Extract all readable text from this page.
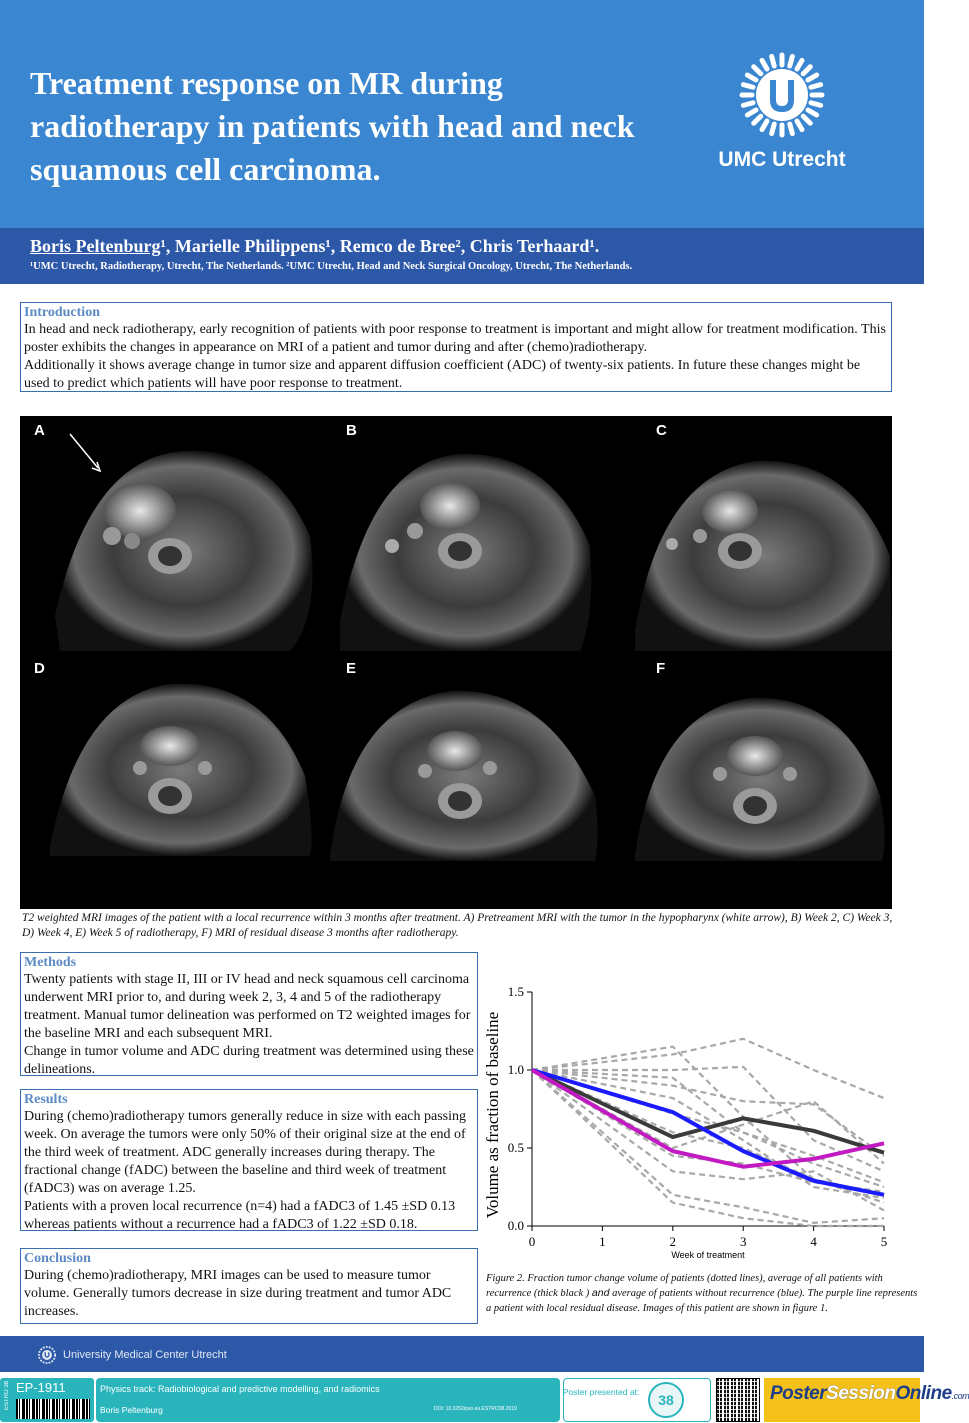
Treatment response on MR during radiotherapy in patients with head and neck squamous cell carcinoma.	UMC Utrecht
Boris Peltenburg¹, Marielle Philippens¹, Remco de Bree², Chris Terhaard¹.
¹UMC Utrecht, Radiotherapy, Utrecht, The Netherlands. ²UMC Utrecht, Head and Neck Surgical Oncology, Utrecht, The Netherlands.
Introduction

In head and neck radiotherapy, early recognition of patients with poor response to treatment is important and might allow for treatment modification. This poster exhibits the changes in appearance on MRI of a patient and tumor during and after (chemo)radiotherapy.

Additionally it shows average change in tumor size and apparent diffusion coefficient (ADC) of twenty-six patients. In future these changes might be used to predict which patients will have poor response to treatment.

A	B	C
D	E	F
T2 weighted MRI images of the patient with a local recurrence within 3 months after treatment. A) Pretreament MRI with the tumor in the hypopharynx (white arrow), B) Week 2, C) Week 3, D) Week 4, E) Week 5 of radiotherapy, F) MRI of residual disease 3 months after radiotherapy.
Methods

Twenty patients with stage II, III or IV head and neck squamous cell carcinoma underwent MRI prior to, and during week 2, 3, 4 and 5 of the radiotherapy treatment. Manual tumor delineation was performed on T2 weighted images for the baseline MRI and each subsequent MRI.

Change in tumor volume and ADC during treatment was determined using these delineations.

Results

During (chemo)radiotherapy tumors generally reduce in size with each passing week. On average the tumors were only 50% of their original size at the end of the third week of treatment. ADC generally increases during therapy. The fractional change (fADC) between the baseline and third week of treatment (fADC3) was on average 1.25.

Patients with a proven local recurrence (n=4) had a fADC3 of 1.45 ±SD 0.13 whereas patients without a recurrence had a fADC3 of 1.22 ±SD 0.18.

Conclusion

During (chemo)radiotherapy, MRI images can be used to measure tumor volume. Generally tumors decrease in size during treatment and tumor ADC increases.

0.0
0.5
1.0
1.5
0	1	2	3	4	5
Week of treatment
Volume as fraction of baseline
Figure 2. Fraction tumor change volume of patients (dotted lines), average of all patients with recurrence (thick black ) and average of patients without recurrence (blue). The purple line represents a patient with local residual disease. Images of this patient are shown in figure 1.
University Medical Center Utrecht
ESTRO 38 EP-1911	Physics track: Radiobiological and predictive modelling, and radiomics
Boris Peltenburg	DOI: 10.3252/pso.eu.ESTRO38.2019
Poster presented at: 38	PosterSessionOnline.com
